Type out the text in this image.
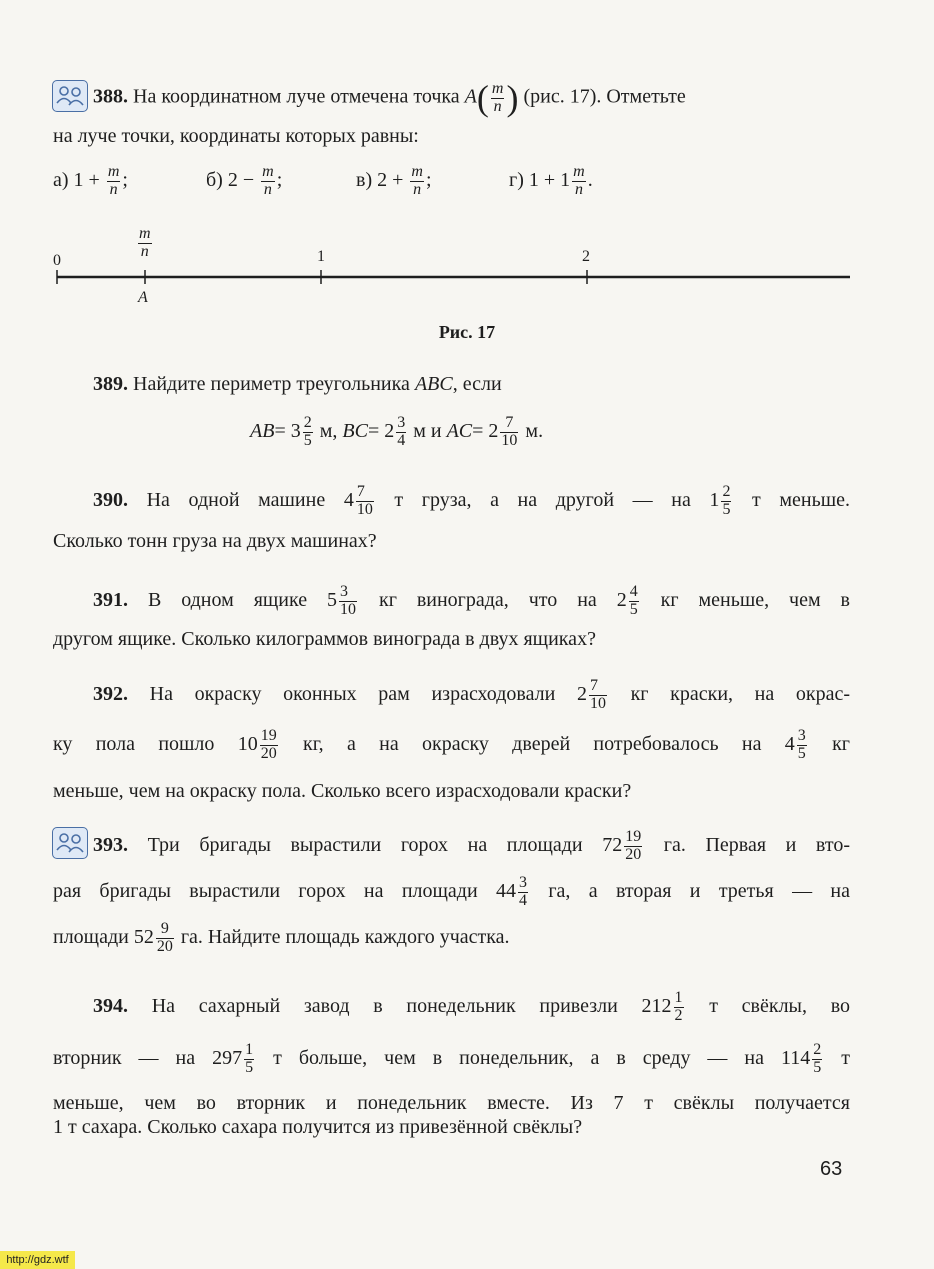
388. На координатном луче отмечена точка $A( \frac{m}{n}$ ) (рис. 17). Отметьте
на луче точки, координаты которых равны:
а) $1 + \frac{m}{n}$ ;	б) $2 - \frac{m}{n}$ ;	в) $2 + \frac{m}{n}$ ;	г) $1 + 1 \frac{m}{n}$ .
0	1	2
$\frac{m}{n}$
A
Рис. 17
389. Найдите периметр треугольника ABC, если
$AB= 3 \frac{2}{5} м$, $BC= 2 \frac{3}{4}$ м и $AC= 2 \frac{7}{10} м$.
390. На одной машине $4 \frac{7}{10}$ т груза, а на другой — на $1 \frac{2}{5}$ т меньше.
Сколько тонн груза на двух машинах?
391. В одном ящике $5 \frac{3}{10}$ кг винограда, что на $2 \frac{4}{5}$ кг меньше, чем в
другом ящике. Сколько килограммов винограда в двух ящиках?
392. На окраску оконных рам израсходовали $2 \frac{7}{10}$ кг краски, на окрас-
ку пола пошло $10 \frac{19}{20}$ кг, а на окраску дверей потребовалось на $4 \frac{3}{5}$ кг
меньше, чем на окраску пола. Сколько всего израсходовали краски?
393. Три бригады вырастили горох на площади $72 \frac{19}{20}$ га. Первая и вто-
рая бригады вырастили горох на площади $44 \frac{3}{4}$ га, а вторая и третья — на
площади $52 \frac{9}{20}$ га. Найдите площадь каждого участка.
394. На сахарный завод в понедельник привезли $212 \frac{1}{2}$ т свёклы, во
вторник — на $297 \frac{1}{5}$ т больше, чем в понедельник, а в среду — на $114 \frac{2}{5}$ т
меньше, чем во вторник и понедельник вместе. Из 7 т свёклы получается
1 т сахара. Сколько сахара получится из привезённой свёклы?
63
http://gdz.wtf
